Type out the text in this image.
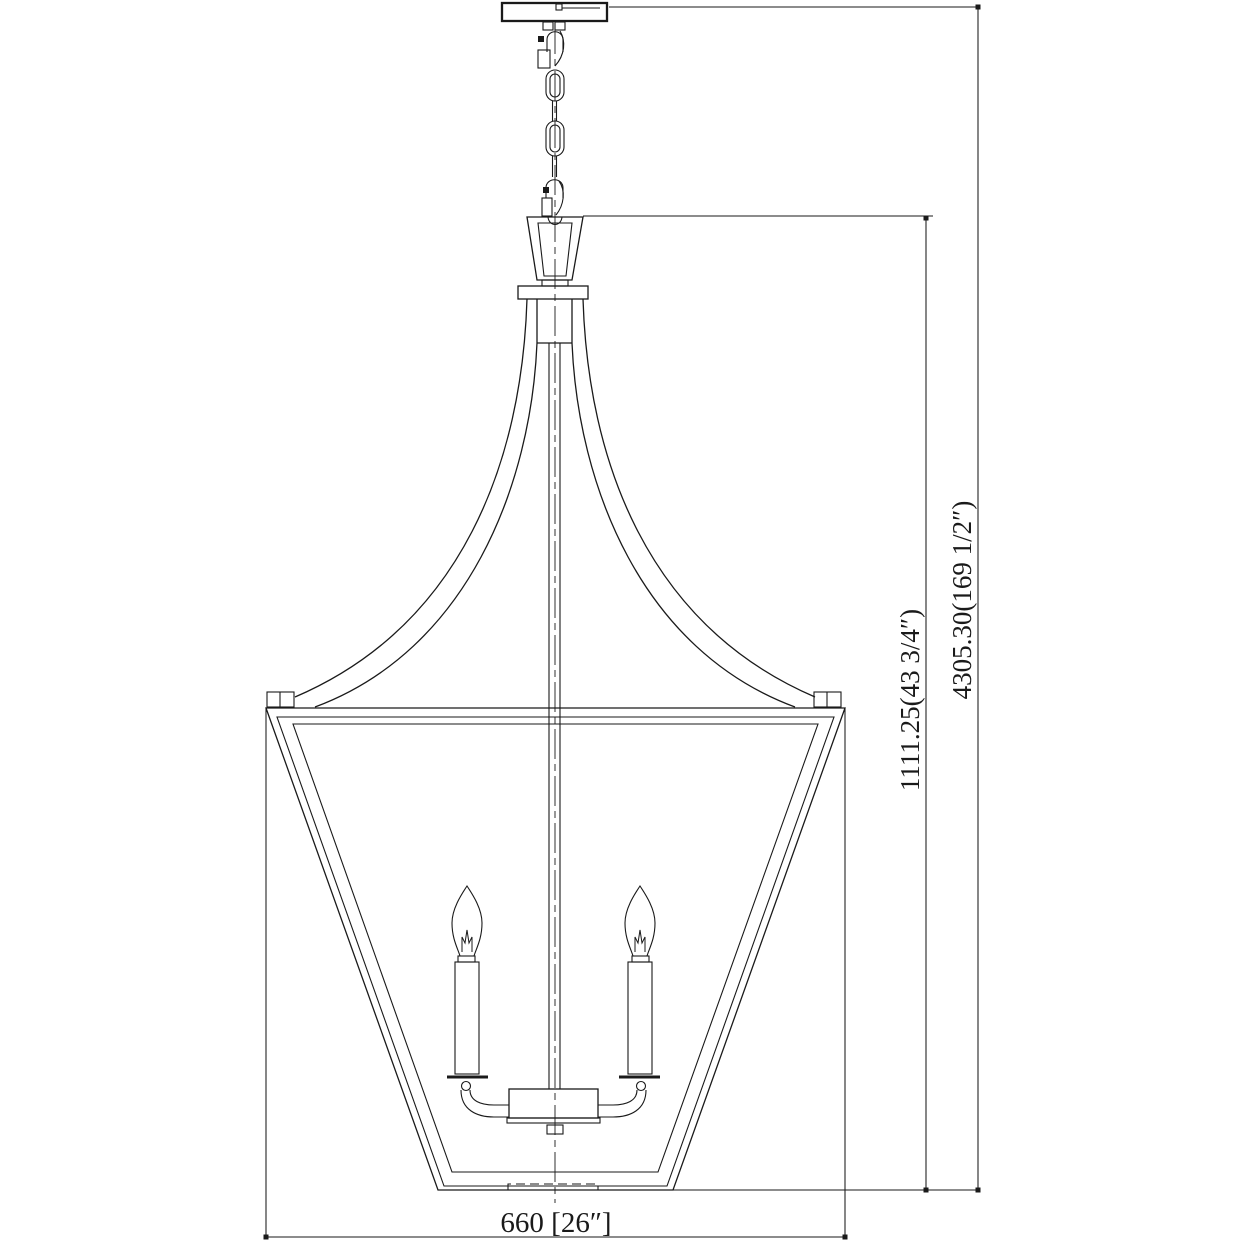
1111.25(43 3/4″)
4305.30(169 1/2″)
660 [26″]
